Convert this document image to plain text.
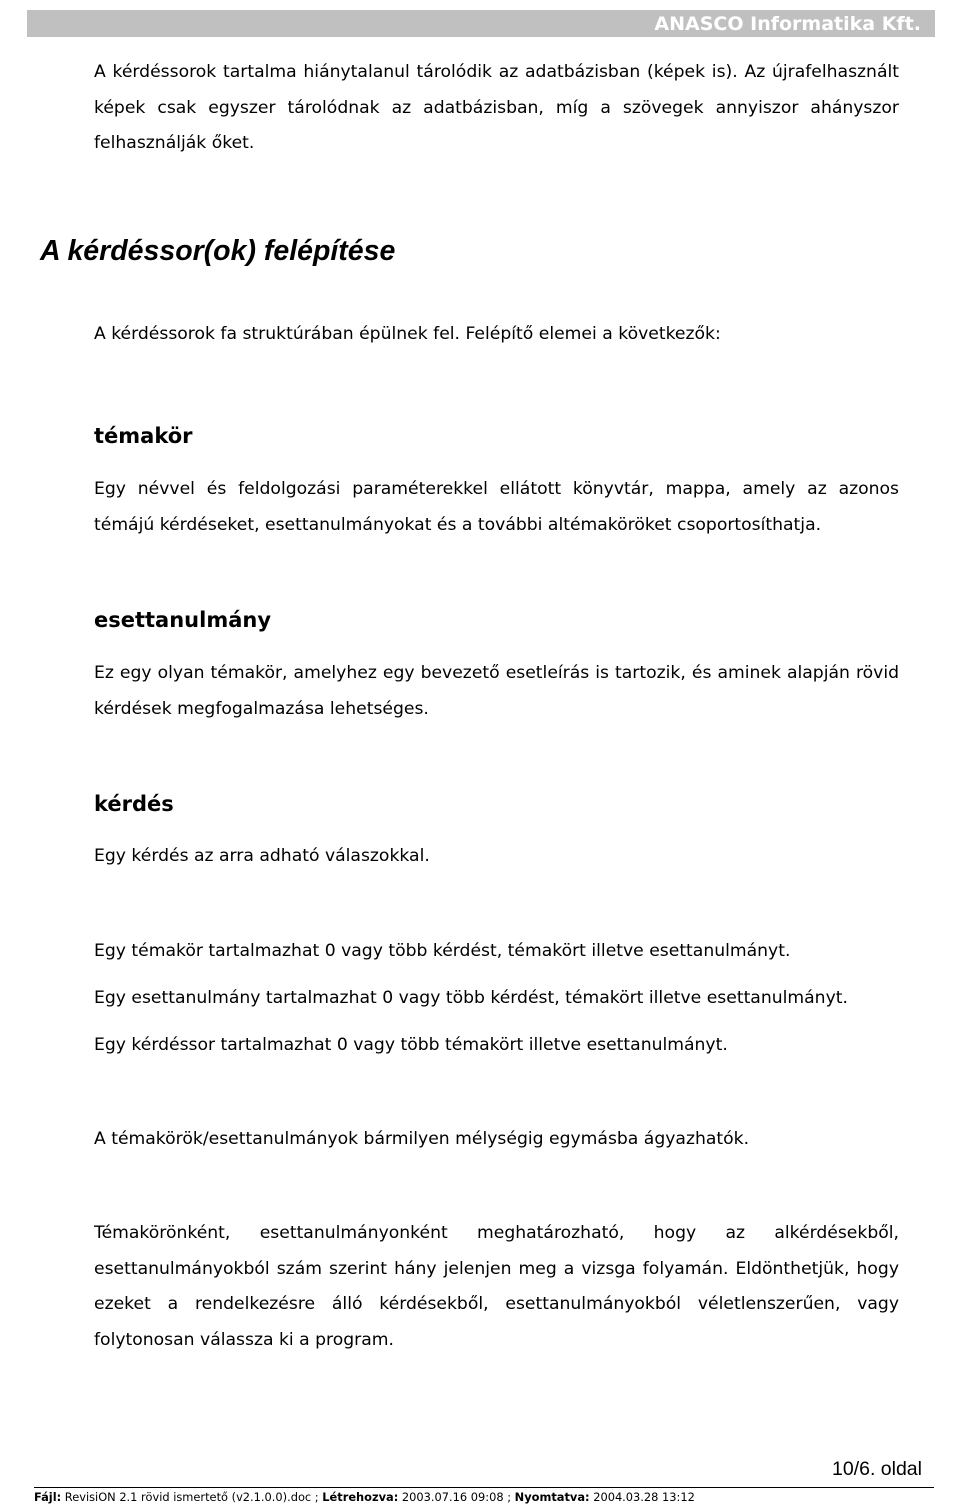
ANASCO Informatika Kft.

A kérdéssorok tartalma hiánytalanul tárolódik az adatbázisban (képek is). Az újrafelhasznált képek csak egyszer tárolódnak az adatbázisban, míg a szövegek annyiszor ahányszor felhasználják őket.

A kérdéssor(ok) felépítése

A kérdéssorok fa struktúrában épülnek fel. Felépítő elemei a következők:

témakör

Egy névvel és feldolgozási paraméterekkel ellátott könyvtár, mappa, amely az azonos témájú kérdéseket, esettanulmányokat és a további altémaköröket csoportosíthatja.

esettanulmány

Ez egy olyan témakör, amelyhez egy bevezető esetleírás is tartozik, és aminek alapján rövid kérdések megfogalmazása lehetséges.

kérdés

Egy kérdés az arra adható válaszokkal.

Egy témakör tartalmazhat 0 vagy több kérdést, témakört illetve esettanulmányt.

Egy esettanulmány tartalmazhat 0 vagy több kérdést, témakört illetve esettanulmányt.

Egy kérdéssor tartalmazhat 0 vagy több témakört illetve esettanulmányt.

A témakörök/esettanulmányok bármilyen mélységig egymásba ágyazhatók.

Témakörönként, esettanulmányonként meghatározható, hogy az alkérdésekből, esettanulmányokból szám szerint hány jelenjen meg a vizsga folyamán. Eldönthetjük, hogy ezeket a rendelkezésre álló kérdésekből, esettanulmányokból véletlenszerűen, vagy folytonosan válassza ki a program.

10/6. oldal
Fájl: RevisiON 2.1 rövid ismertető (v2.1.0.0).doc ; Létrehozva: 2003.07.16 09:08 ; Nyomtatva: 2004.03.28 13:12
